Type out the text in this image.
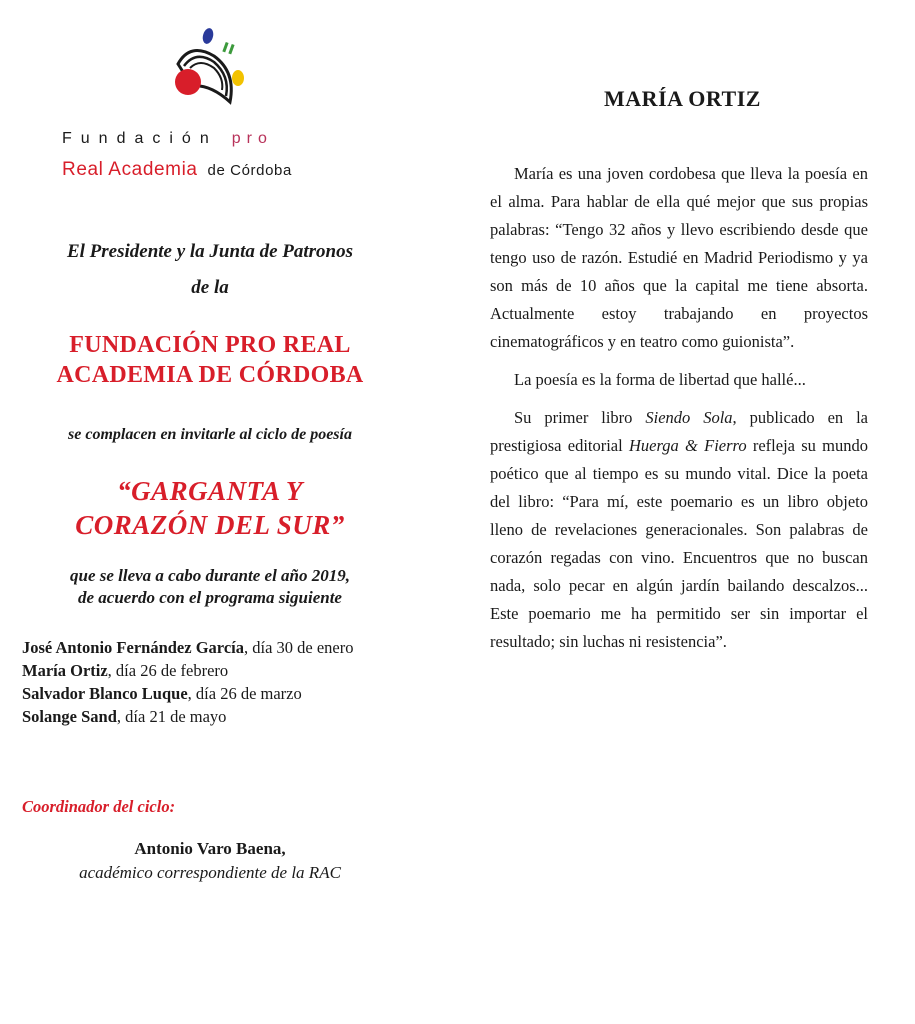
Fundación pro
Real Academia de Córdoba
El Presidente y la Junta de Patronos
de la
FUNDACIÓN PRO REAL
ACADEMIA DE CÓRDOBA
se complacen en invitarle al ciclo de poesía
“GARGANTA Y
CORAZÓN DEL SUR”
que se lleva a cabo durante el año 2019,
de acuerdo con el programa siguiente
José Antonio Fernández García, día 30 de enero
María Ortiz, día 26 de febrero
Salvador Blanco Luque, día 26 de marzo
Solange Sand, día 21 de mayo
Coordinador del ciclo:
Antonio Varo Baena,
académico correspondiente de la RAC
MARÍA ORTIZ

María es una joven cordobesa que lleva la poesía en el alma. Para hablar de ella qué mejor que sus propias palabras: “Tengo 32 años y llevo escribiendo desde que tengo uso de razón. Estudié en Madrid Periodismo y ya son más de 10 años que la capital me tiene absorta. Actualmente estoy trabajando en proyectos cinematográficos y en teatro como guionista”.

La poesía es la forma de libertad que hallé...

Su primer libro Siendo Sola, publicado en la prestigiosa editorial Huerga & Fierro refleja su mundo poético que al tiempo es su mundo vital. Dice la poeta del libro: “Para mí, este poemario es un libro objeto lleno de revelaciones generacionales. Son palabras de corazón regadas con vino. Encuentros que no buscan nada, solo pecar en algún jardín bailando descalzos... Este poemario me ha permitido ser sin importar el resultado; sin luchas ni resistencia”.
